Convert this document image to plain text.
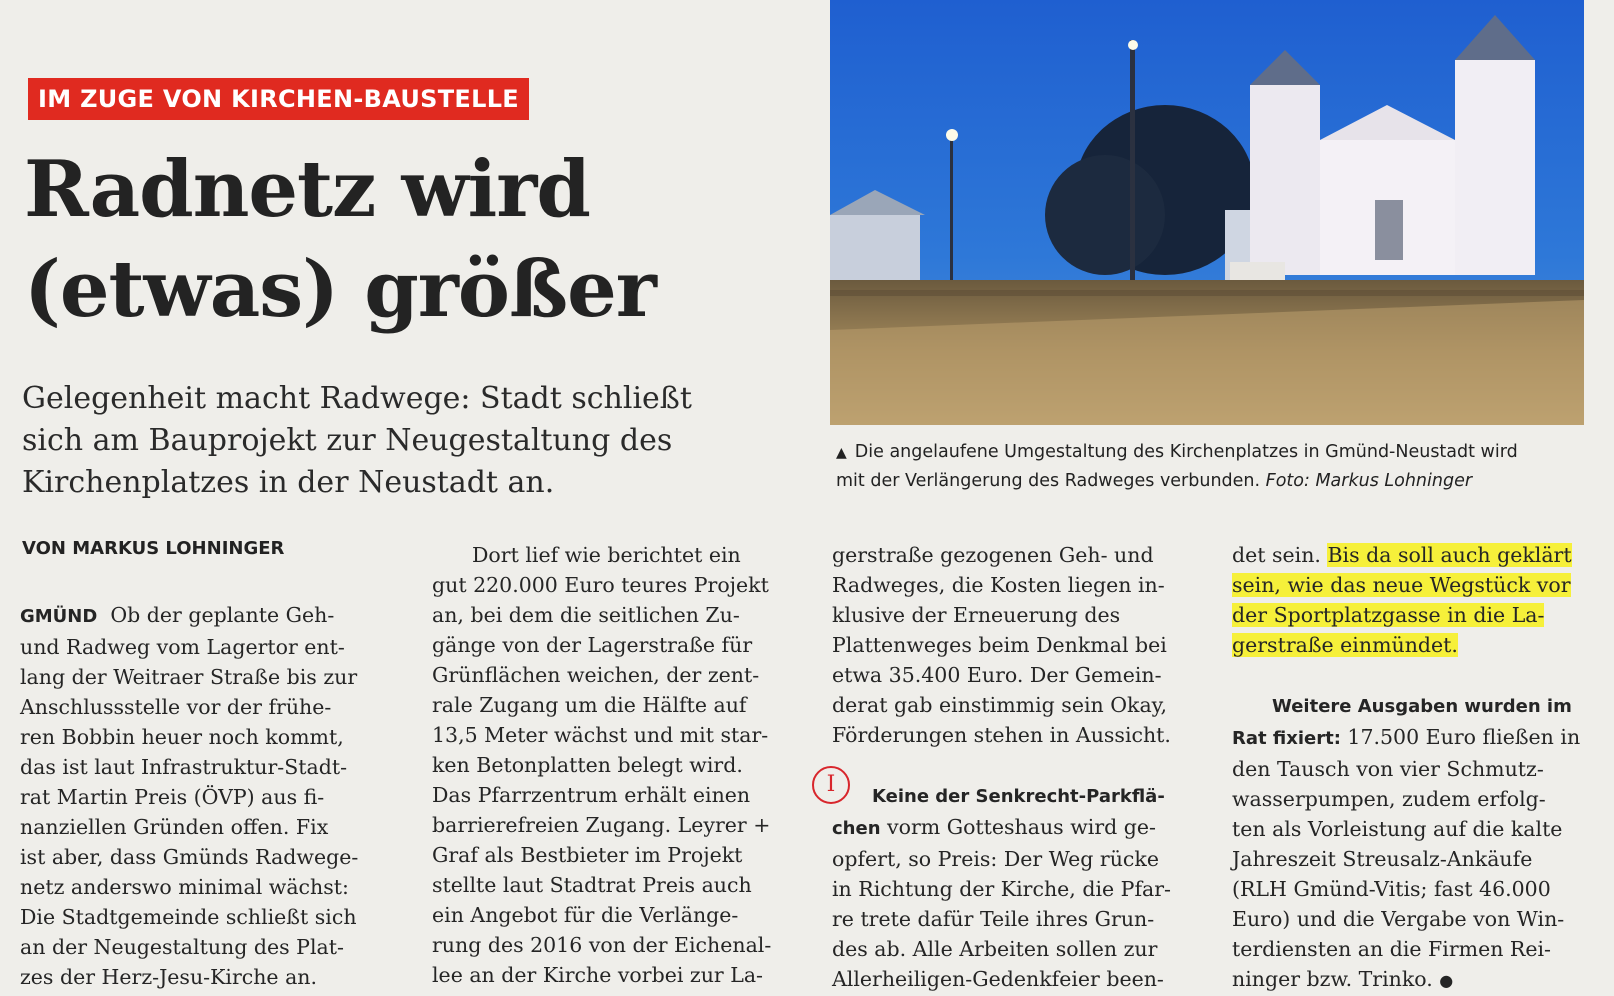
IM ZUGE VON KIRCHEN-BAUSTELLE
Radnetz wird
(etwas) größer
Gelegenheit macht Radwege: Stadt schließt
sich am Bauprojekt zur Neugestaltung des
Kirchenplatzes in der Neustadt an.
▲ Die angelaufene Umgestaltung des Kirchenplatzes in Gmünd-Neustadt wird
mit der Verlängerung des Radweges verbunden. Foto: Markus Lohninger
VON MARKUS LOHNINGER
GMÜND Ob der geplante Geh-
und Radweg vom Lagertor ent-
lang der Weitraer Straße bis zur
Anschlussstelle vor der frühe-
ren Bobbin heuer noch kommt,
das ist laut Infrastruktur-Stadt-
rat Martin Preis (ÖVP) aus fi-
nanziellen Gründen offen. Fix
ist aber, dass Gmünds Radwege-
netz anderswo minimal wächst:
Die Stadtgemeinde schließt sich
an der Neugestaltung des Plat-
zes der Herz-Jesu-Kirche an.
Dort lief wie berichtet ein
gut 220.000 Euro teures Projekt
an, bei dem die seitlichen Zu-
gänge von der Lagerstraße für
Grünflächen weichen, der zent-
rale Zugang um die Hälfte auf
13,5 Meter wächst und mit star-
ken Betonplatten belegt wird.
Das Pfarrzentrum erhält einen
barrierefreien Zugang. Leyrer +
Graf als Bestbieter im Projekt
stellte laut Stadtrat Preis auch
ein Angebot für die Verlänge-
rung des 2016 von der Eichenal-
lee an der Kirche vorbei zur La-
gerstraße gezogenen Geh- und
Radweges, die Kosten liegen in-
klusive der Erneuerung des
Plattenweges beim Denkmal bei
etwa 35.400 Euro. Der Gemein-
derat gab einstimmig sein Okay,
Förderungen stehen in Aussicht.

Keine der Senkrecht-Parkflä-
chen vorm Gotteshaus wird ge-
opfert, so Preis: Der Weg rücke
in Richtung der Kirche, die Pfar-
re trete dafür Teile ihres Grun-
des ab. Alle Arbeiten sollen zur
Allerheiligen-Gedenkfeier been-
I
det sein. Bis da soll auch geklärt
sein, wie das neue Wegstück vor
der Sportplatzgasse in die La-
gerstraße einmündet.

Weitere Ausgaben wurden im
Rat fixiert: 17.500 Euro fließen in
den Tausch von vier Schmutz-
wasserpumpen, zudem erfolg-
ten als Vorleistung auf die kalte
Jahreszeit Streusalz-Ankäufe
(RLH Gmünd-Vitis; fast 46.000
Euro) und die Vergabe von Win-
terdiensten an die Firmen Rei-
ninger bzw. Trinko. ●
